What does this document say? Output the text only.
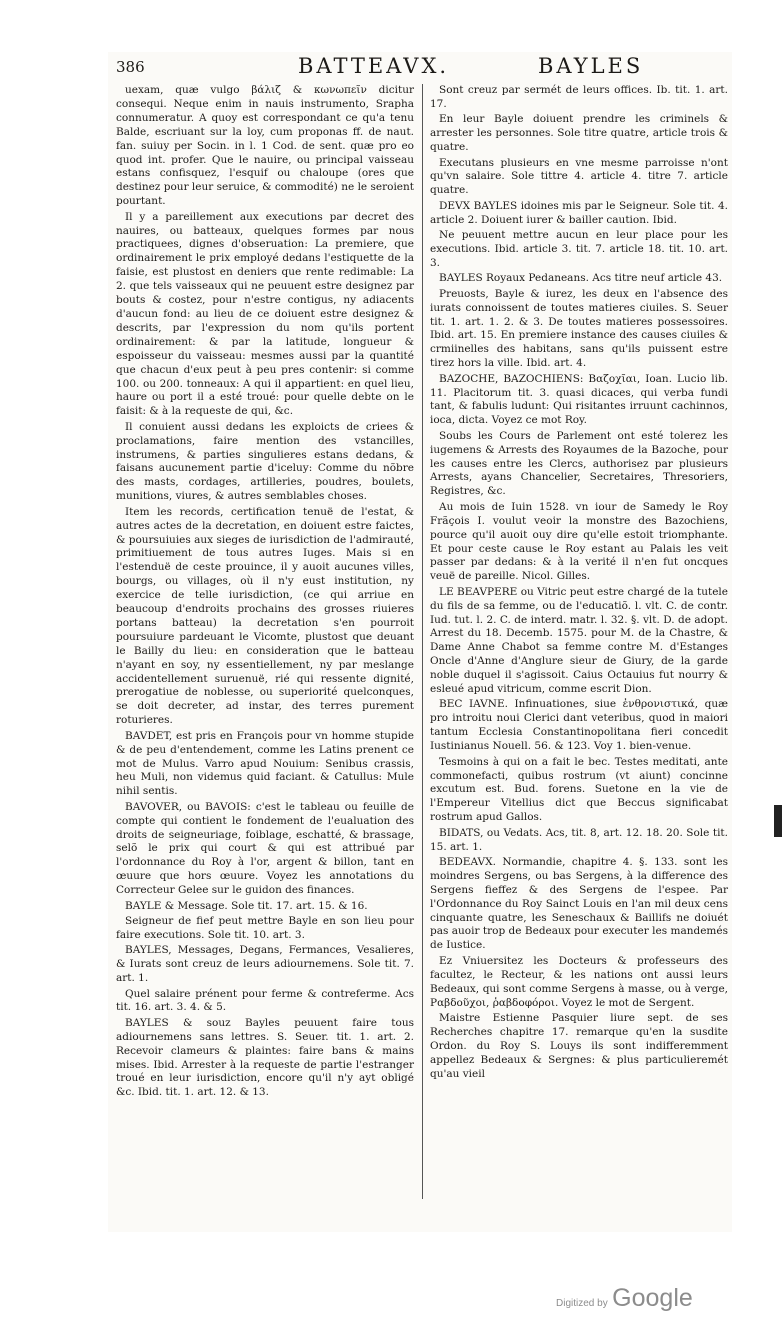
386	BATTEAVX.	BAYLES

uexam, quæ vulgo βάλιζ & κωνωπεῖν dicitur consequi. Neque enim in nauis instrumento, Srapha connumeratur. A quoy est correspondant ce qu'a tenu Balde, escriuant sur la loy, cum proponas ff. de naut. fan. suiuy per Socin. in l. 1 Cod. de sent. quæ pro eo quod int. profer. Que le nauire, ou principal vaisseau estans confisquez, l'esquif ou chaloupe (ores que destinez pour leur seruice, & commodité) ne le seroient pourtant.

Il y a pareillement aux executions par decret des nauires, ou batteaux, quelques formes par nous practiquees, dignes d'obseruation: La premiere, que ordinairement le prix employé dedans l'estiquette de la faisie, est plustost en deniers que rente redimable: La 2. que tels vaisseaux qui ne peuuent estre designez par bouts & costez, pour n'estre contigus, ny adiacents d'aucun fond: au lieu de ce doiuent estre designez & descrits, par l'expression du nom qu'ils portent ordinairement: & par la latitude, longueur & espoisseur du vaisseau: mesmes aussi par la quantité que chacun d'eux peut à peu pres contenir: si comme 100. ou 200. tonneaux: A qui il appartient: en quel lieu, haure ou port il a esté troué: pour quelle debte on le faisit: & à la requeste de qui, &c.

Il conuient aussi dedans les exploicts de criees & proclamations, faire mention des vstancilles, instrumens, & parties singulieres estans dedans, & faisans aucunement partie d'iceluy: Comme du nõbre des masts, cordages, artilleries, poudres, boulets, munitions, viures, & autres semblables choses.

Item les records, certification tenuë de l'estat, & autres actes de la decretation, en doiuent estre faictes, & poursuiuies aux sieges de iurisdiction de l'admirauté, primitiuement de tous autres Iuges. Mais si en l'estenduë de ceste prouince, il y auoit aucunes villes, bourgs, ou villages, où il n'y eust institution, ny exercice de telle iurisdiction, (ce qui arriue en beaucoup d'endroits prochains des grosses riuieres portans batteau) la decretation s'en pourroit poursuiure pardeuant le Vicomte, plustost que deuant le Bailly du lieu: en consideration que le batteau n'ayant en soy, ny essentiellement, ny par meslange accidentellement suruenuë, rié qui ressente dignité, prerogatiue de noblesse, ou superiorité quelconques, se doit decreter, ad instar, des terres purement roturieres.

BAVDET, est pris en François pour vn homme stupide & de peu d'entendement, comme les Latins prenent ce mot de Mulus. Varro apud Nouium: Senibus crassis, heu Muli, non videmus quid faciant. & Catullus: Mule nihil sentis.

BAVOVER, ou BAVOIS: c'est le tableau ou feuille de compte qui contient le fondement de l'eualuation des droits de seigneuriage, foiblage, eschatté, & brassage, selõ le prix qui court & qui est attribué par l'ordonnance du Roy à l'or, argent & billon, tant en œuure que hors œuure. Voyez les annotations du Correcteur Gelee sur le guidon des finances.

BAYLE & Message. Sole tit. 17. art. 15. & 16.

Seigneur de fief peut mettre Bayle en son lieu pour faire executions. Sole tit. 10. art. 3.

BAYLES, Messages, Degans, Fermances, Vesalieres, & Iurats sont creuz de leurs adiournemens. Sole tit. 7. art. 1.

Quel salaire prénent pour ferme & contreferme. Acs tit. 16. art. 3. 4. & 5.

BAYLES & souz Bayles peuuent faire tous adiournemens sans lettres. S. Seuer. tit. 1. art. 2. Recevoir clameurs & plaintes: faire bans & mains mises. Ibid. Arrester à la requeste de partie l'estranger troué en leur iurisdiction, encore qu'il n'y ayt obligé &c. Ibid. tit. 1. art. 12. & 13.

Sont creuz par sermét de leurs offices. Ib. tit. 1. art. 17.

En leur Bayle doiuent prendre les criminels & arrester les personnes. Sole titre quatre, article trois & quatre.

Executans plusieurs en vne mesme parroisse n'ont qu'vn salaire. Sole tittre 4. article 4. titre 7. article quatre.

DEVX BAYLES idoines mis par le Seigneur. Sole tit. 4. article 2. Doiuent iurer & bailler caution. Ibid.

Ne peuuent mettre aucun en leur place pour les executions. Ibid. article 3. tit. 7. article 18. tit. 10. art. 3.

BAYLES Royaux Pedaneans. Acs titre neuf article 43.

Preuosts, Bayle & iurez, les deux en l'absence des iurats connoissent de toutes matieres ciuiles. S. Seuer tit. 1. art. 1. 2. & 3. De toutes matieres possessoires. Ibid. art. 15. En premiere instance des causes ciuiles & crmiinelles des habitans, sans qu'ils puissent estre tirez hors la ville. Ibid. art. 4.

BAZOCHE, BAZOCHIENS: Βαζοχῖαι, Ioan. Lucio lib. 11. Placitorum tit. 3. quasi dicaces, qui verba fundi tant, & fabulis ludunt: Qui risitantes irruunt cachinnos, ioca, dicta. Voyez ce mot Roy.

Soubs les Cours de Parlement ont esté tolerez les iugemens & Arrests des Royaumes de la Bazoche, pour les causes entre les Clercs, authorisez par plusieurs Arrests, ayans Chancelier, Secretaires, Thresoriers, Registres, &c.

Au mois de Iuin 1528. vn iour de Samedy le Roy Frãçois I. voulut veoir la monstre des Bazochiens, pource qu'il auoit ouy dire qu'elle estoit triomphante. Et pour ceste cause le Roy estant au Palais les veit passer par dedans: & à la verité il n'en fut oncques veuë de pareille. Nicol. Gilles.

LE BEAVPERE ou Vitric peut estre chargé de la tutele du fils de sa femme, ou de l'educatiõ. l. vlt. C. de contr. Iud. tut. l. 2. C. de interd. matr. l. 32. §. vlt. D. de adopt. Arrest du 18. Decemb. 1575. pour M. de la Chastre, & Dame Anne Chabot sa femme contre M. d'Estanges Oncle d'Anne d'Anglure sieur de Giury, de la garde noble duquel il s'agissoit. Caius Octauius fut nourry & esleué apud vitricum, comme escrit Dion.

BEC IAVNE. Infinuationes, siue ἐνθρονιστικά, quæ pro introitu noui Clerici dant veteribus, quod in maiori tantum Ecclesia Constantinopolitana fieri concedit Iustinianus Nouell. 56. & 123. Voy 1. bien-venue.

Tesmoins à qui on a fait le bec. Testes meditati, ante commonefacti, quibus rostrum (vt aiunt) concinne excutum est. Bud. forens. Suetone en la vie de l'Empereur Vitellius dict que Beccus significabat rostrum apud Gallos.

BIDATS, ou Vedats. Acs, tit. 8, art. 12. 18. 20. Sole tit. 15. art. 1.

BEDEAVX. Normandie, chapitre 4. §. 133. sont les moindres Sergens, ou bas Sergens, à la difference des Sergens fieffez & des Sergens de l'espee. Par l'Ordonnance du Roy Sainct Louis en l'an mil deux cens cinquante quatre, les Seneschaux & Baillifs ne doiuét pas auoir trop de Bedeaux pour executer les mandemés de Iustice.

Ez Vniuersitez les Docteurs & professeurs des facultez, le Recteur, & les nations ont aussi leurs Bedeaux, qui sont comme Sergens à masse, ou à verge, Ραβδοῦχοι, ῥαβδοφόροι. Voyez le mot de Sergent.

Maistre Estienne Pasquier liure sept. de ses Recherches chapitre 17. remarque qu'en la susdite Ordon. du Roy S. Louys ils sont indifferemment appellez Bedeaux & Sergnes: & plus particulieremét qu'au vieil

Digitized by Google
